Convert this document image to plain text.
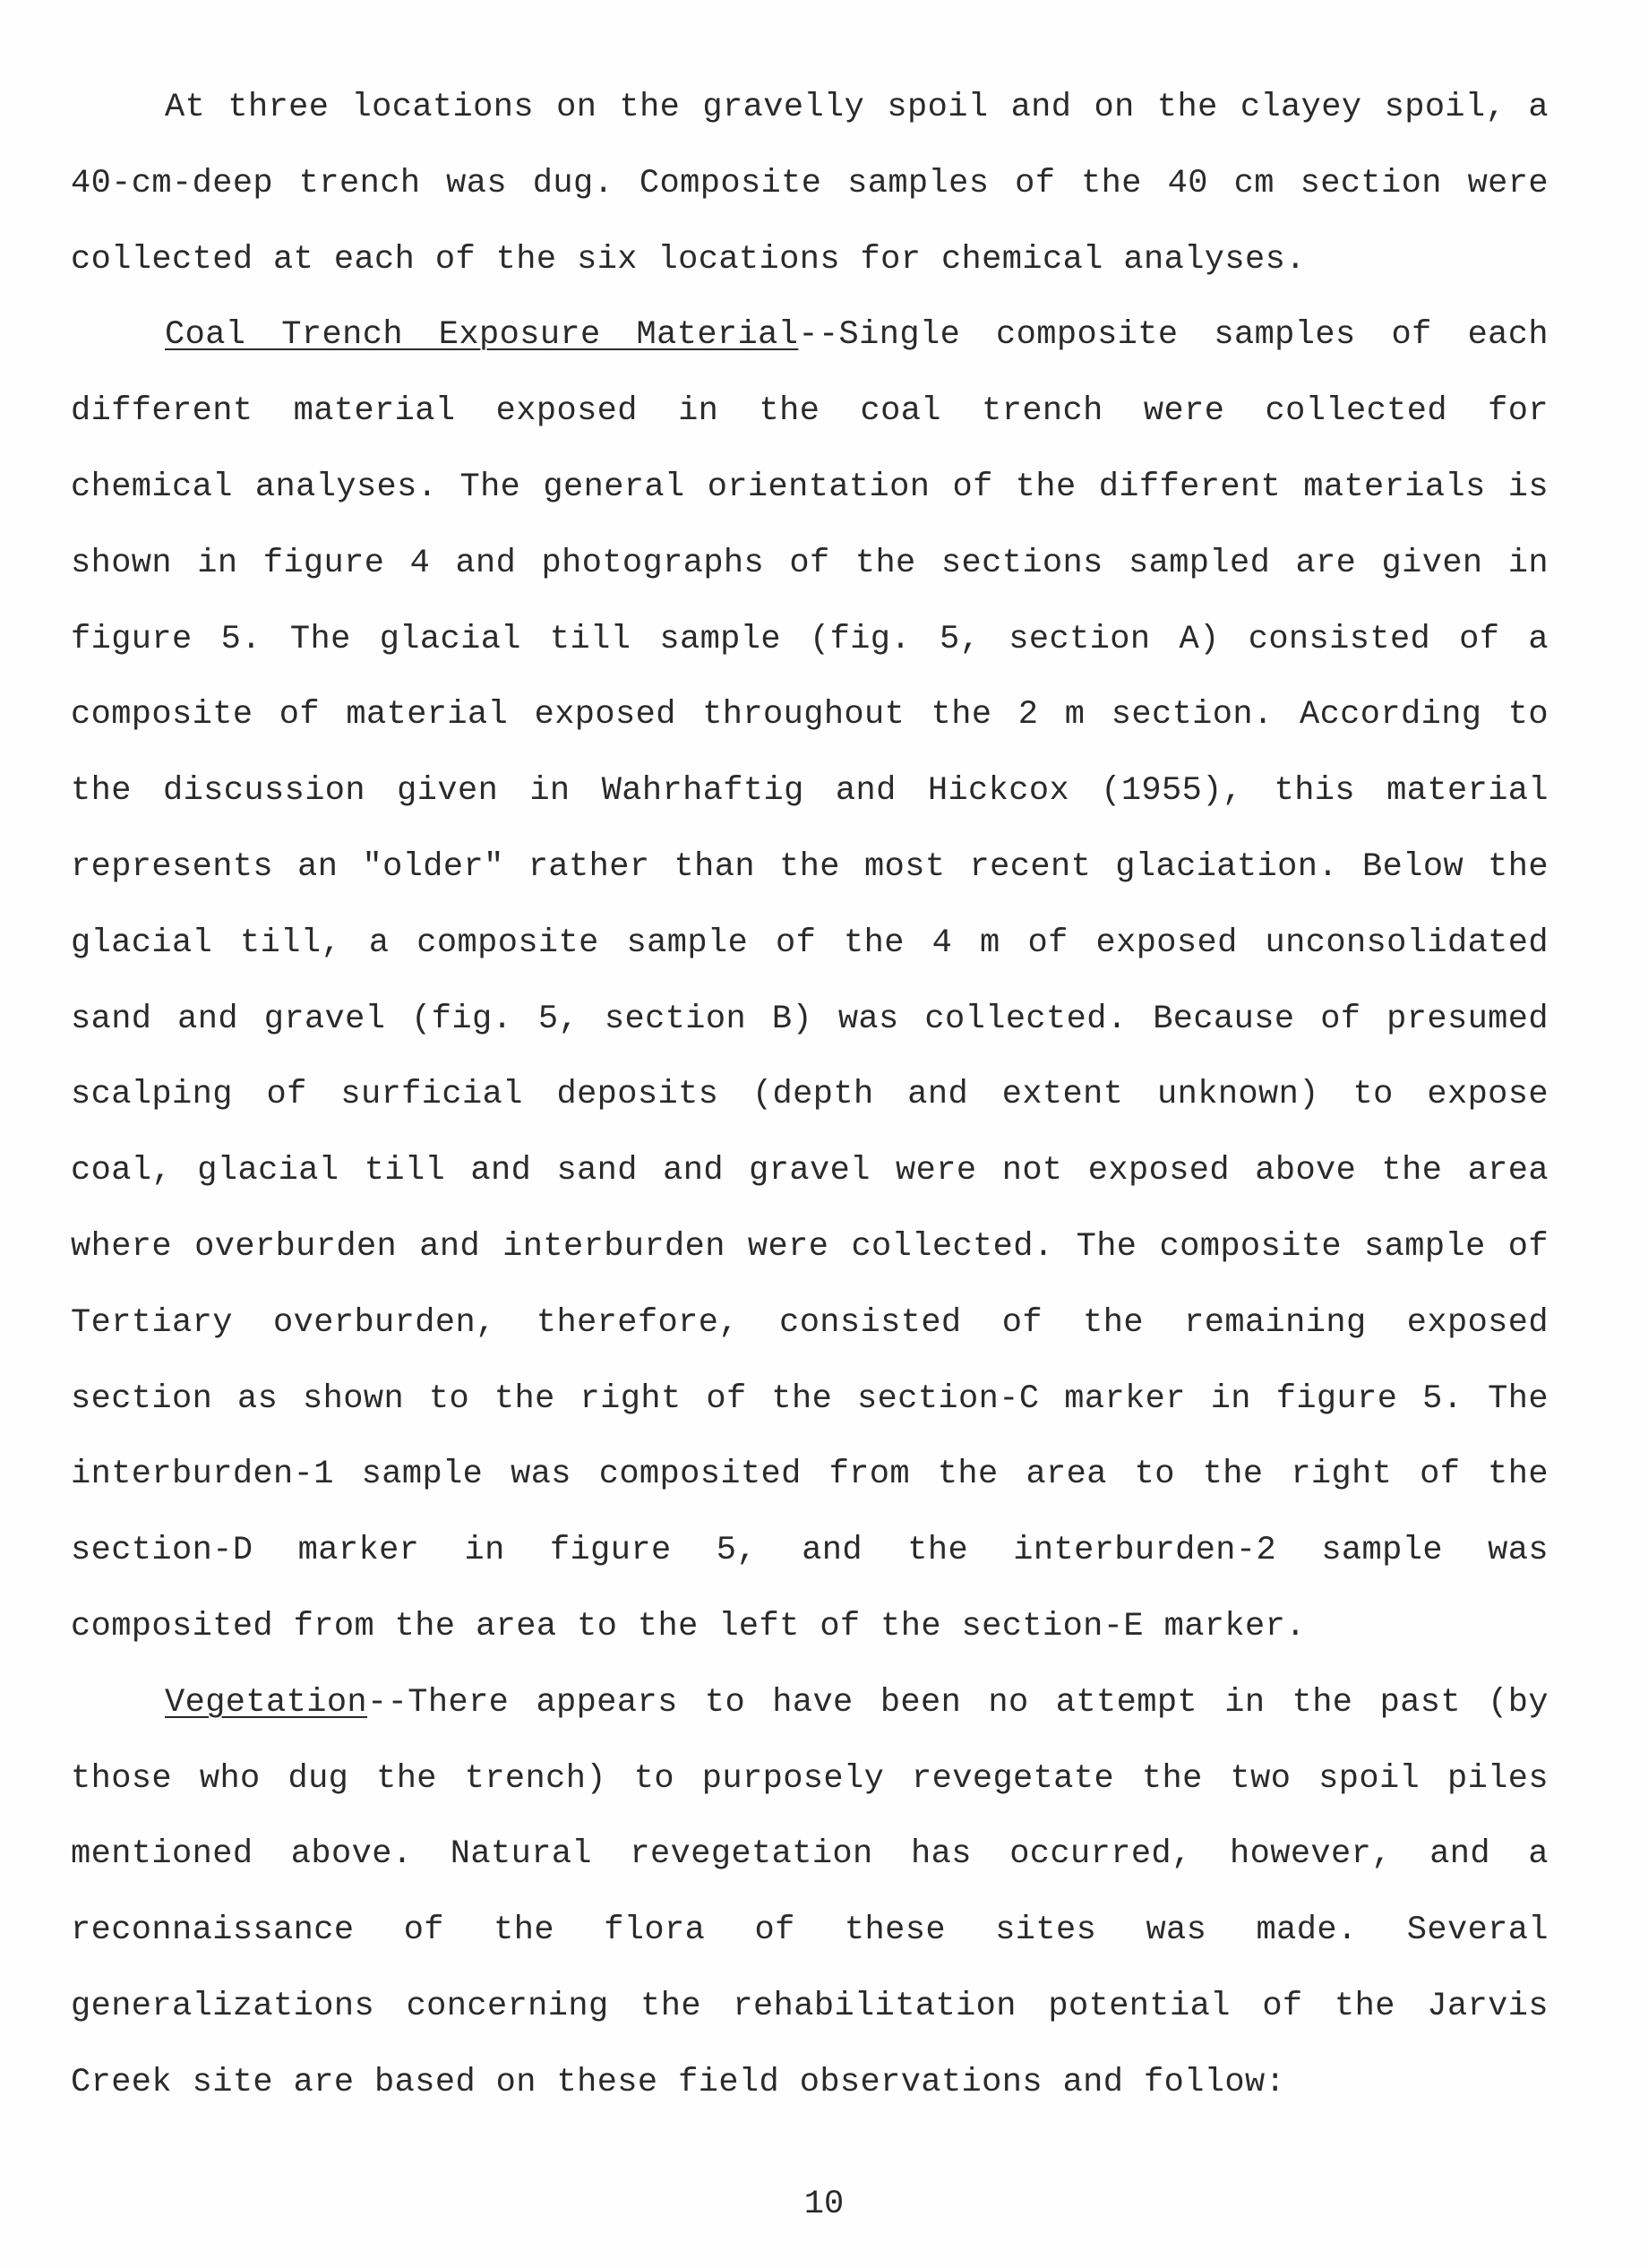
At three locations on the gravelly spoil and on the clayey spoil, a 40-cm-deep trench was dug. Composite samples of the 40 cm section were collected at each of the six locations for chemical analyses.

Coal Trench Exposure Material--Single composite samples of each different material exposed in the coal trench were collected for chemical analyses. The general orientation of the different materials is shown in figure 4 and photographs of the sections sampled are given in figure 5. The glacial till sample (fig. 5, section A) consisted of a composite of material exposed throughout the 2 m section. According to the discussion given in Wahrhaftig and Hickcox (1955), this material represents an "older" rather than the most recent glaciation. Below the glacial till, a composite sample of the 4 m of exposed unconsolidated sand and gravel (fig. 5, section B) was collected. Because of presumed scalping of surficial deposits (depth and extent unknown) to expose coal, glacial till and sand and gravel were not exposed above the area where overburden and interburden were collected. The composite sample of Tertiary overburden, therefore, consisted of the remaining exposed section as shown to the right of the section-C marker in figure 5. The interburden-1 sample was composited from the area to the right of the section-D marker in figure 5, and the interburden-2 sample was composited from the area to the left of the section-E marker.

Vegetation--There appears to have been no attempt in the past (by those who dug the trench) to purposely revegetate the two spoil piles mentioned above. Natural revegetation has occurred, however, and a reconnaissance of the flora of these sites was made. Several generalizations concerning the rehabilitation potential of the Jarvis Creek site are based on these field observations and follow:

10
